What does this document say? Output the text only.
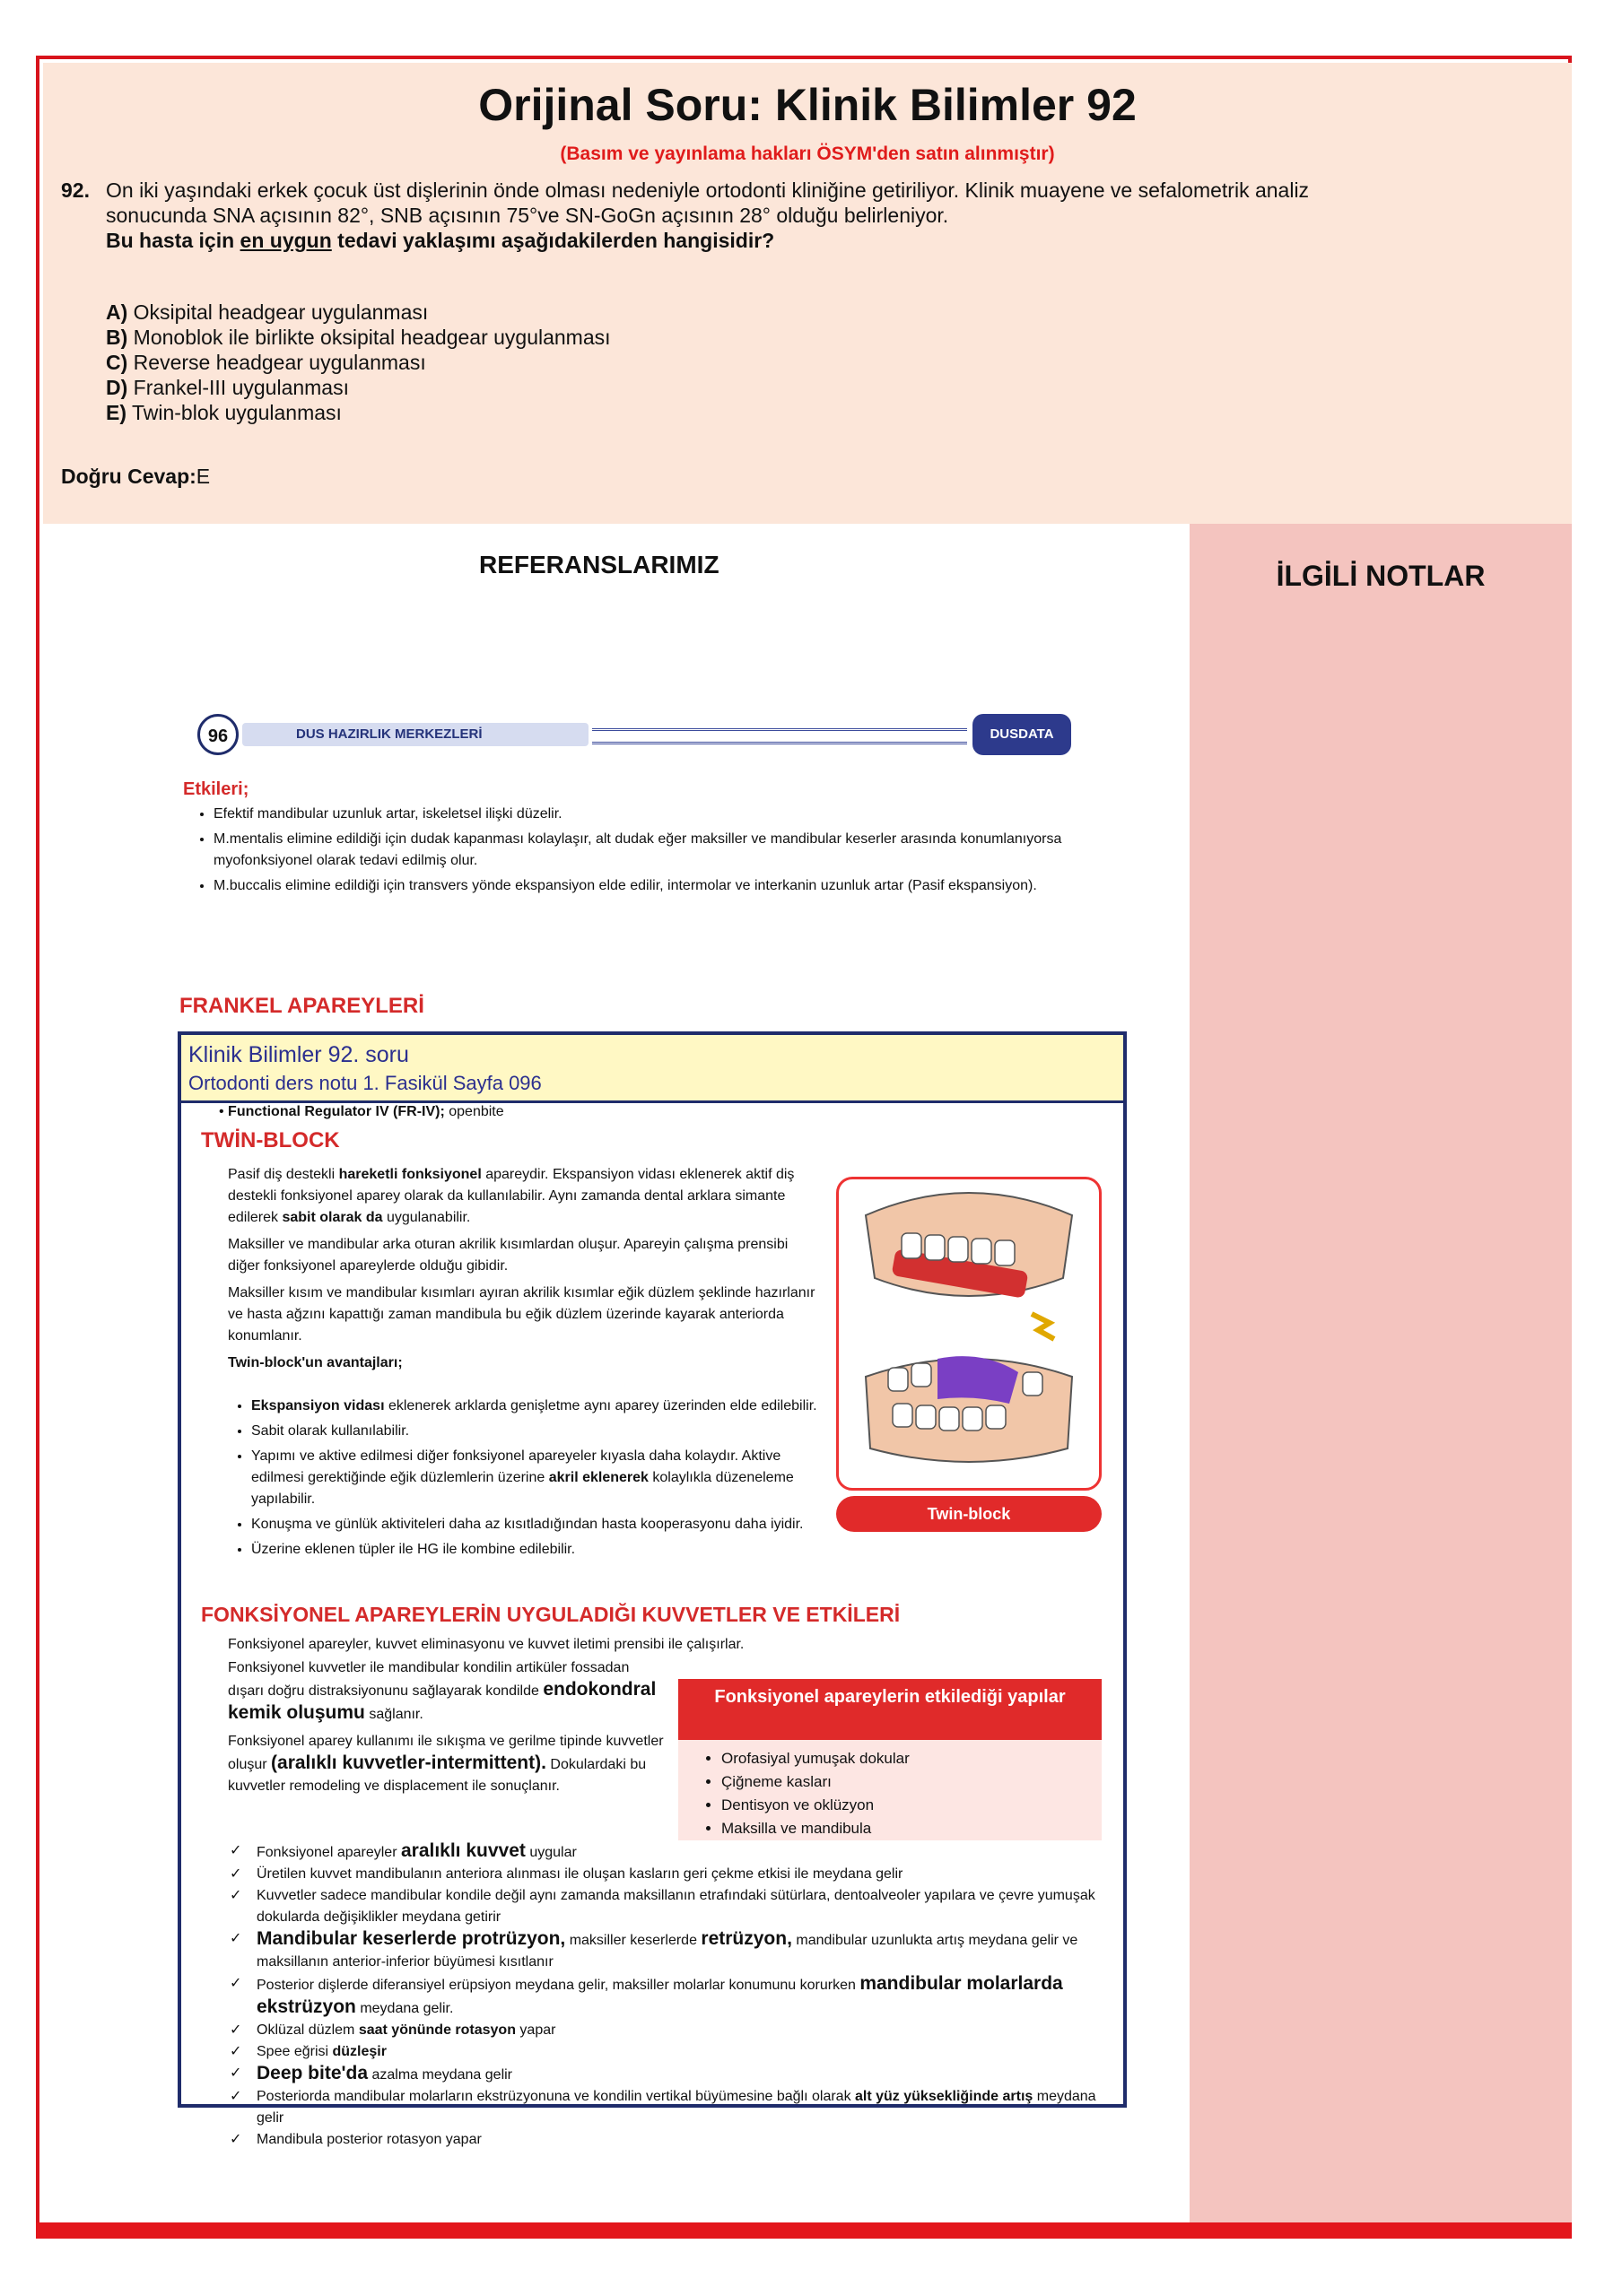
Orijinal Soru: Klinik Bilimler 92
(Basım ve yayınlama hakları ÖSYM'den satın alınmıştır)
92. On iki yaşındaki erkek çocuk üst dişlerinin önde olması nedeniyle ortodonti kliniğine getiriliyor. Klinik muayene ve sefalometrik analiz
sonucunda SNA açısının 82°, SNB açısının 75°ve SN-GoGn açısının 28° olduğu belirleniyor.
Bu hasta için en uygun tedavi yaklaşımı aşağıdakilerden hangisidir?
A) Oksipital headgear uygulanması
B) Monoblok ile birlikte oksipital headgear uygulanması
C) Reverse headgear uygulanması
D) Frankel-III uygulanması
E) Twin-blok uygulanması
Doğru Cevap:E
REFERANSLARIMIZ	İLGİLİ NOTLAR
96	DUS HAZIRLIK MERKEZLERİ	DUSDATA
Etkileri;
• Efektif mandibular uzunluk artar, iskeletsel ilişki düzelir.
• M.mentalis elimine edildiği için dudak kapanması kolaylaşır, alt dudak eğer maksiller ve mandibular keserler arasında konumlanıyorsa myofonksiyonel olarak tedavi edilmiş olur.
• M.buccalis elimine edildiği için transvers yönde ekspansiyon elde edilir, intermolar ve interkanin uzunluk artar (Pasif ekspansiyon).
FRANKEL APAREYLERİ
Klinik Bilimler 92. soru
Ortodonti ders notu 1. Fasikül Sayfa 096
• Functional Regulator IV (FR-IV); openbite
TWİN-BLOCK

Pasif diş destekli hareketli fonksiyonel apareydir. Ekspansiyon vidası eklenerek aktif diş destekli fonksiyonel aparey olarak da kullanılabilir. Aynı zamanda dental arklara simante edilerek sabit olarak da uygulanabilir.

Maksiller ve mandibular arka oturan akrilik kısımlardan oluşur. Apareyin çalışma prensibi diğer fonksiyonel apareylerde olduğu gibidir.

Maksiller kısım ve mandibular kısımları ayıran akrilik kısımlar eğik düzlem şeklinde hazırlanır ve hasta ağzını kapattığı zaman mandibula bu eğik düzlem üzerinde kayarak anteriorda konumlanır.

Twin-block'un avantajları;
• Ekspansiyon vidası eklenerek arklarda genişletme aynı aparey üzerinden elde edilebilir.
• Sabit olarak kullanılabilir.
• Yapımı ve aktive edilmesi diğer fonksiyonel apareyeler kıyasla daha kolaydır. Aktive edilmesi gerektiğinde eğik düzlemlerin üzerine akril eklenerek kolaylıkla düzeneleme yapılabilir.
• Konuşma ve günlük aktiviteleri daha az kısıtladığından hasta kooperasyonu daha iyidir.
• Üzerine eklenen tüpler ile HG ile kombine edilebilir.
Twin-block
FONKSİYONEL APAREYLERİN UYGULADIĞI KUVVETLER VE ETKİLERİ
Fonksiyonel apareyler, kuvvet eliminasyonu ve kuvvet iletimi prensibi ile çalışırlar.

Fonksiyonel kuvvetler ile mandibular kondilin artiküler fossadan dışarı doğru distraksiyonunu sağlayarak kondilde endokondral kemik oluşumu sağlanır.

Fonksiyonel aparey kullanımı ile sıkışma ve gerilme tipinde kuvvetler oluşur (aralıklı kuvvetler-intermittent). Dokulardaki bu kuvvetler remodeling ve displacement ile sonuçlanır.

Fonksiyonel apareylerin etkilediği yapılar
• Orofasiyal yumuşak dokular
• Çiğneme kasları
• Dentisyon ve oklüzyon
• Maksilla ve mandibula
✓ Fonksiyonel apareyler aralıklı kuvvet uygular
✓ Üretilen kuvvet mandibulanın anteriora alınması ile oluşan kasların geri çekme etkisi ile meydana gelir
✓ Kuvvetler sadece mandibular kondile değil aynı zamanda maksillanın etrafındaki sütürlara, dentoalveoler yapılara ve çevre yumuşak dokularda değişiklikler meydana getirir
✓ Mandibular keserlerde protrüzyon, maksiller keserlerde retrüzyon, mandibular uzunlukta artış meydana gelir ve maksillanın anterior-inferior büyümesi kısıtlanır
✓ Posterior dişlerde diferansiyel erüpsiyon meydana gelir, maksiller molarlar konumunu korurken mandibular molarlarda ekstrüzyon meydana gelir.
✓ Oklüzal düzlem saat yönünde rotasyon yapar
✓ Spee eğrisi düzleşir
✓ Deep bite'da azalma meydana gelir
✓ Posteriorda mandibular molarların ekstrüzyonuna ve kondilin vertikal büyümesine bağlı olarak alt yüz yüksekliğinde artış meydana gelir
✓ Mandibula posterior rotasyon yapar
